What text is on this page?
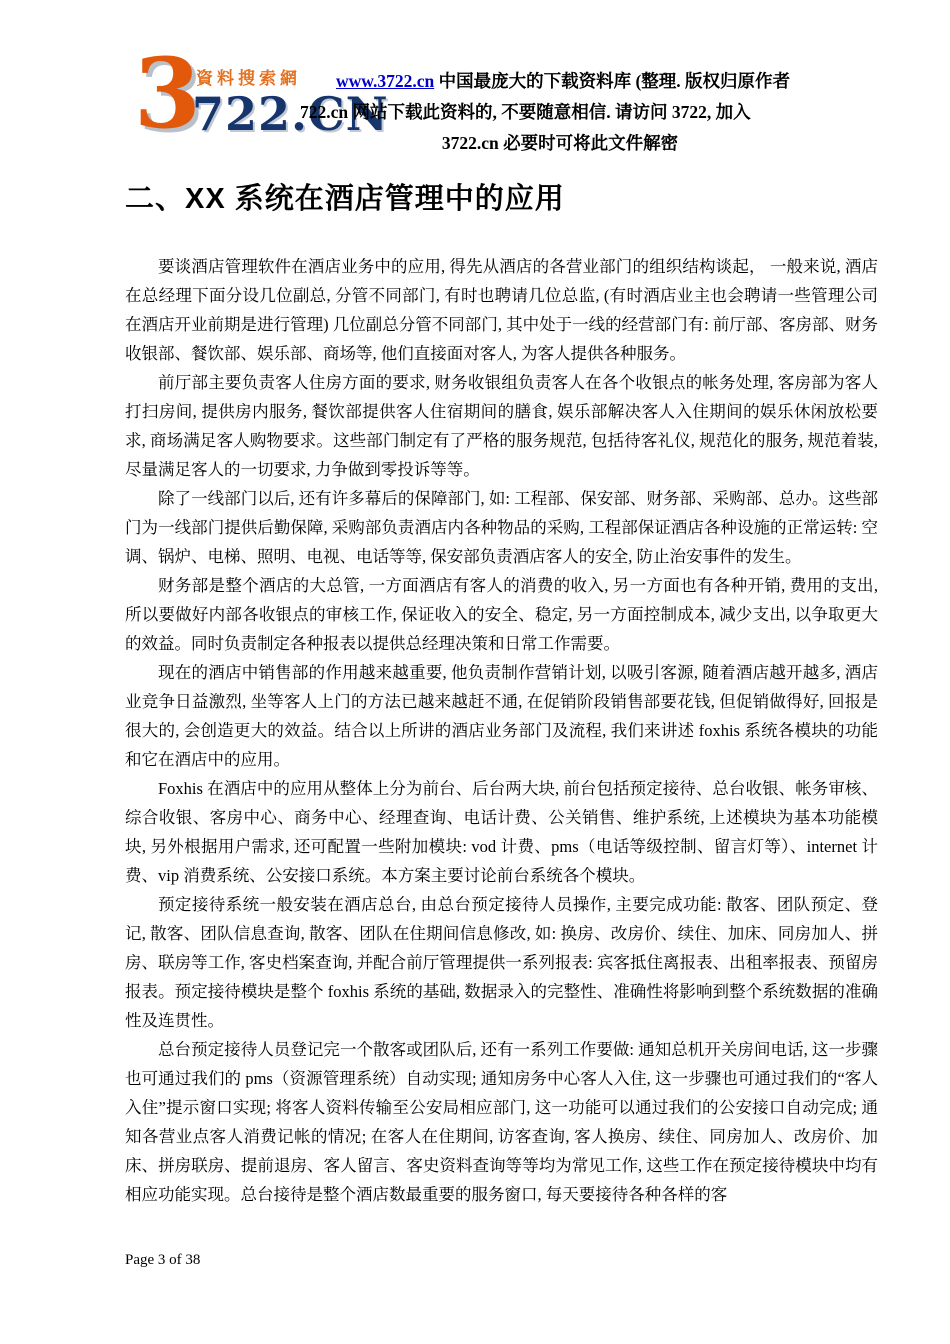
3
資料搜索網
722.CN
www.3722.cn 中国最庞大的下载资料库 (整理. 版权归原作者
722.cn 网站下载此资料的, 不要随意相信. 请访问 3722, 加入
3722.cn 必要时可将此文件解密
二、XX 系统在酒店管理中的应用

要谈酒店管理软件在酒店业务中的应用, 得先从酒店的各营业部门的组织结构谈起， 一般来说, 酒店在总经理下面分设几位副总, 分管不同部门, 有时也聘请几位总监, (有时酒店业主也会聘请一些管理公司在酒店开业前期是进行管理) 几位副总分管不同部门, 其中处于一线的经营部门有: 前厅部、客房部、财务收银部、餐饮部、娱乐部、商场等, 他们直接面对客人, 为客人提供各种服务。

前厅部主要负责客人住房方面的要求, 财务收银组负责客人在各个收银点的帐务处理, 客房部为客人打扫房间, 提供房内服务, 餐饮部提供客人住宿期间的膳食, 娱乐部解决客人入住期间的娱乐休闲放松要求, 商场满足客人购物要求。这些部门制定有了严格的服务规范, 包括待客礼仪, 规范化的服务, 规范着装, 尽量满足客人的一切要求, 力争做到零投诉等等。

除了一线部门以后, 还有许多幕后的保障部门, 如: 工程部、保安部、财务部、采购部、总办。这些部门为一线部门提供后勤保障, 采购部负责酒店内各种物品的采购, 工程部保证酒店各种设施的正常运转: 空调、锅炉、电梯、照明、电视、电话等等, 保安部负责酒店客人的安全, 防止治安事件的发生。

财务部是整个酒店的大总管, 一方面酒店有客人的消费的收入, 另一方面也有各种开销, 费用的支出, 所以要做好内部各收银点的审核工作, 保证收入的安全、稳定, 另一方面控制成本, 减少支出, 以争取更大的效益。同时负责制定各种报表以提供总经理决策和日常工作需要。

现在的酒店中销售部的作用越来越重要, 他负责制作营销计划, 以吸引客源, 随着酒店越开越多, 酒店业竞争日益激烈, 坐等客人上门的方法已越来越赶不通, 在促销阶段销售部要花钱, 但促销做得好, 回报是很大的, 会创造更大的效益。结合以上所讲的酒店业务部门及流程, 我们来讲述 foxhis 系统各模块的功能和它在酒店中的应用。

Foxhis 在酒店中的应用从整体上分为前台、后台两大块, 前台包括预定接待、总台收银、帐务审核、综合收银、客房中心、商务中心、经理查询、电话计费、公关销售、维护系统, 上述模块为基本功能模块, 另外根据用户需求, 还可配置一些附加模块: vod 计费、pms（电话等级控制、留言灯等）、internet 计费、vip 消费系统、公安接口系统。本方案主要讨论前台系统各个模块。

预定接待系统一般安装在酒店总台, 由总台预定接待人员操作, 主要完成功能: 散客、团队预定、登记, 散客、团队信息查询, 散客、团队在住期间信息修改, 如: 换房、改房价、续住、加床、同房加人、拼房、联房等工作, 客史档案查询, 并配合前厅管理提供一系列报表: 宾客抵住离报表、出租率报表、预留房报表。预定接待模块是整个 foxhis 系统的基础, 数据录入的完整性、准确性将影响到整个系统数据的准确性及连贯性。

总台预定接待人员登记完一个散客或团队后, 还有一系列工作要做: 通知总机开关房间电话, 这一步骤也可通过我们的 pms（资源管理系统）自动实现; 通知房务中心客人入住, 这一步骤也可通过我们的“客人入住”提示窗口实现; 将客人资料传输至公安局相应部门, 这一功能可以通过我们的公安接口自动完成; 通知各营业点客人消费记帐的情况; 在客人在住期间, 访客查询, 客人换房、续住、同房加人、改房价、加床、拼房联房、提前退房、客人留言、客史资料查询等等均为常见工作, 这些工作在预定接待模块中均有相应功能实现。总台接待是整个酒店数最重要的服务窗口, 每天要接待各种各样的客

Page 3 of 38
